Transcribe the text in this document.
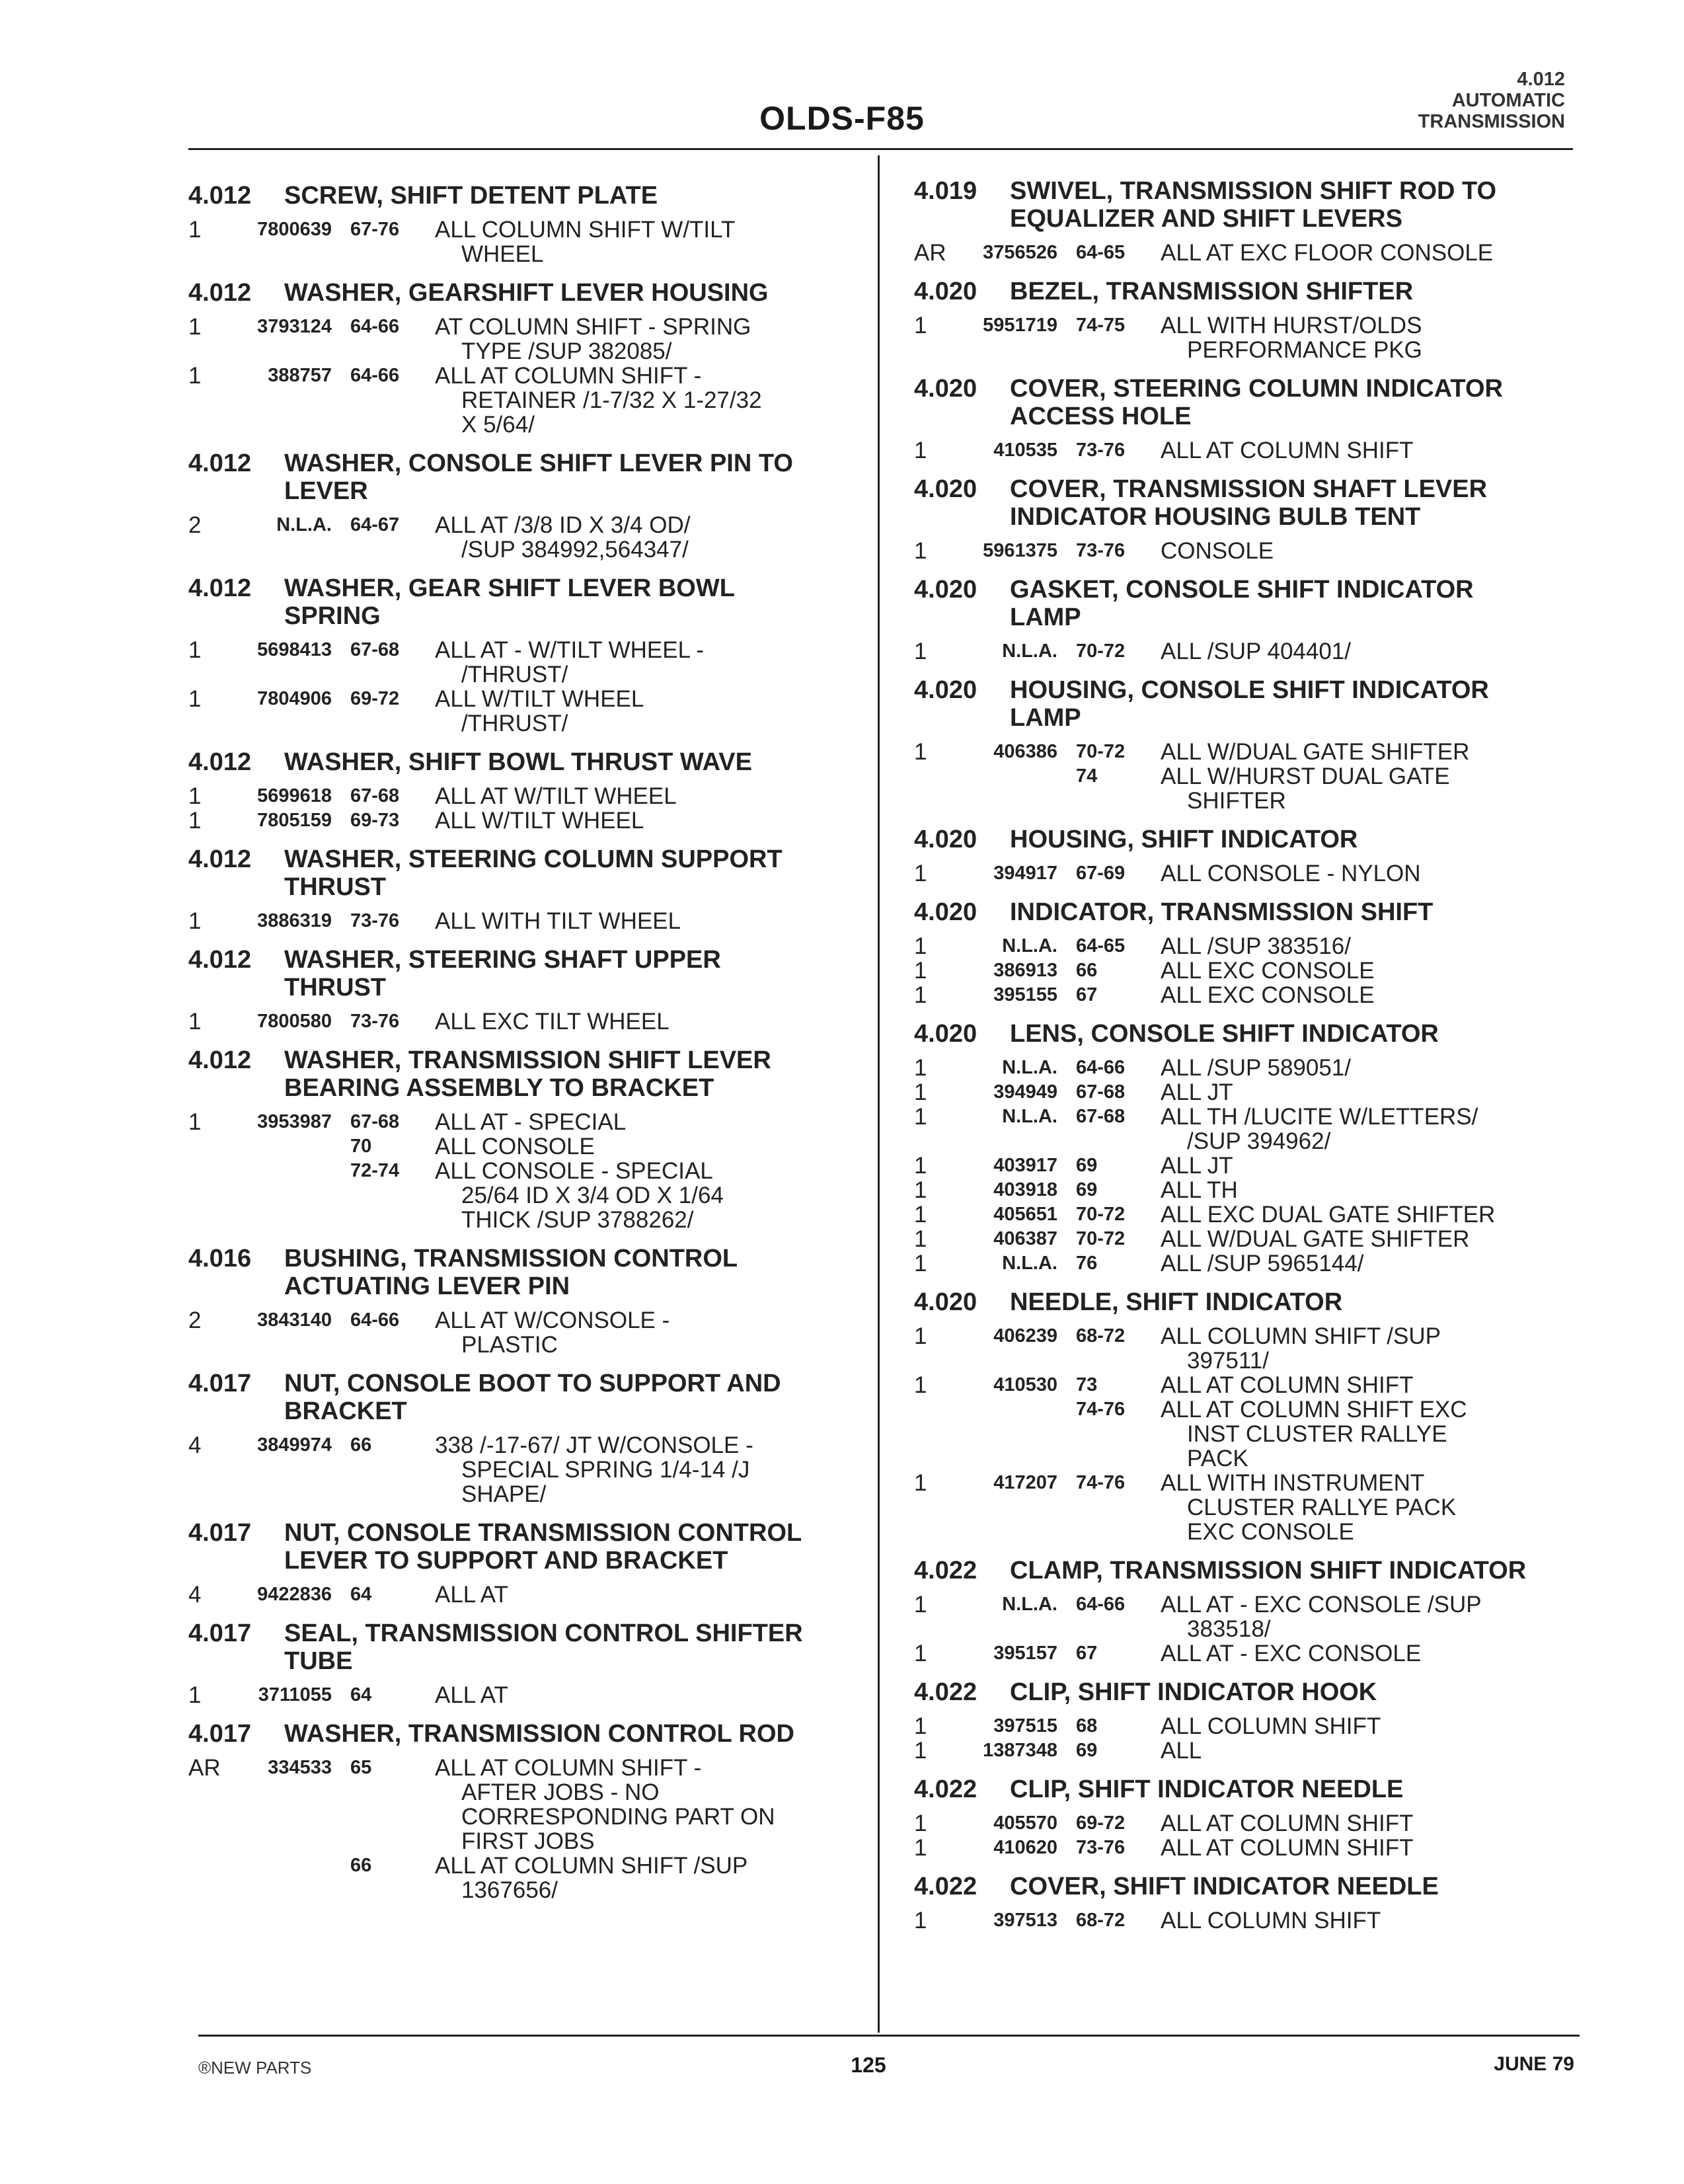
4.012
AUTOMATIC
TRANSMISSION
OLDS-F85
4.012	SCREW, SHIFT DETENT PLATE
1	7800639 67-76	ALL COLUMN SHIFT W/TILT
WHEEL
4.012	WASHER, GEARSHIFT LEVER HOUSING
1	3793124 64-66	AT COLUMN SHIFT - SPRING
TYPE /SUP 382085/
1	388757 64-66	ALL AT COLUMN SHIFT -
RETAINER /1-7/32 X 1-27/32
X 5/64/
4.012	WASHER, CONSOLE SHIFT LEVER PIN TO LEVER
2	N.L.A. 64-67	ALL AT /3/8 ID X 3/4 OD/
/SUP 384992,564347/
4.012	WASHER, GEAR SHIFT LEVER BOWL SPRING
1	5698413 67-68	ALL AT - W/TILT WHEEL -
/THRUST/
1	7804906 69-72	ALL W/TILT WHEEL
/THRUST/
4.012	WASHER, SHIFT BOWL THRUST WAVE
1	5699618 67-68	ALL AT W/TILT WHEEL
1	7805159 69-73	ALL W/TILT WHEEL
4.012	WASHER, STEERING COLUMN SUPPORT THRUST
1	3886319 73-76	ALL WITH TILT WHEEL
4.012	WASHER, STEERING SHAFT UPPER THRUST
1	7800580 73-76	ALL EXC TILT WHEEL
4.012	WASHER, TRANSMISSION SHIFT LEVER BEARING ASSEMBLY TO BRACKET
1	3953987 67-68	ALL AT - SPECIAL
70	ALL CONSOLE
72-74	ALL CONSOLE - SPECIAL
25/64 ID X 3/4 OD X 1/64
THICK /SUP 3788262/
4.016	BUSHING, TRANSMISSION CONTROL ACTUATING LEVER PIN
2	3843140 64-66	ALL AT W/CONSOLE -
PLASTIC
4.017	NUT, CONSOLE BOOT TO SUPPORT AND BRACKET
4	3849974 66	338 /-17-67/ JT W/CONSOLE -
SPECIAL SPRING 1/4-14 /J
SHAPE/
4.017	NUT, CONSOLE TRANSMISSION CONTROL LEVER TO SUPPORT AND BRACKET
4	9422836 64	ALL AT
4.017	SEAL, TRANSMISSION CONTROL SHIFTER TUBE
1	3711055 64	ALL AT
4.017	WASHER, TRANSMISSION CONTROL ROD
AR	334533 65	ALL AT COLUMN SHIFT -
AFTER JOBS - NO
CORRESPONDING PART ON
FIRST JOBS
66	ALL AT COLUMN SHIFT /SUP
1367656/
4.019	SWIVEL, TRANSMISSION SHIFT ROD TO EQUALIZER AND SHIFT LEVERS
AR	3756526 64-65	ALL AT EXC FLOOR CONSOLE
4.020	BEZEL, TRANSMISSION SHIFTER
1	5951719 74-75	ALL WITH HURST/OLDS
PERFORMANCE PKG
4.020	COVER, STEERING COLUMN INDICATOR ACCESS HOLE
1	410535 73-76	ALL AT COLUMN SHIFT
4.020	COVER, TRANSMISSION SHAFT LEVER INDICATOR HOUSING BULB TENT
1	5961375 73-76	CONSOLE
4.020	GASKET, CONSOLE SHIFT INDICATOR LAMP
1	N.L.A. 70-72	ALL /SUP 404401/
4.020	HOUSING, CONSOLE SHIFT INDICATOR LAMP
1	406386 70-72	ALL W/DUAL GATE SHIFTER
74	ALL W/HURST DUAL GATE
SHIFTER
4.020	HOUSING, SHIFT INDICATOR
1	394917 67-69	ALL CONSOLE - NYLON
4.020	INDICATOR, TRANSMISSION SHIFT
1	N.L.A. 64-65	ALL /SUP 383516/
1	386913 66	ALL EXC CONSOLE
1	395155 67	ALL EXC CONSOLE
4.020	LENS, CONSOLE SHIFT INDICATOR
1	N.L.A. 64-66	ALL /SUP 589051/
1	394949 67-68	ALL JT
1	N.L.A. 67-68	ALL TH /LUCITE W/LETTERS/
/SUP 394962/
1	403917 69	ALL JT
1	403918 69	ALL TH
1	405651 70-72	ALL EXC DUAL GATE SHIFTER
1	406387 70-72	ALL W/DUAL GATE SHIFTER
1	N.L.A. 76	ALL /SUP 5965144/
4.020	NEEDLE, SHIFT INDICATOR
1	406239 68-72	ALL COLUMN SHIFT /SUP
397511/
1	410530 73	ALL AT COLUMN SHIFT
74-76	ALL AT COLUMN SHIFT EXC
INST CLUSTER RALLYE
PACK
1	417207 74-76	ALL WITH INSTRUMENT
CLUSTER RALLYE PACK
EXC CONSOLE
4.022	CLAMP, TRANSMISSION SHIFT INDICATOR
1	N.L.A. 64-66	ALL AT - EXC CONSOLE /SUP
383518/
1	395157 67	ALL AT - EXC CONSOLE
4.022	CLIP, SHIFT INDICATOR HOOK
1	397515 68	ALL COLUMN SHIFT
1	1387348 69	ALL
4.022	CLIP, SHIFT INDICATOR NEEDLE
1	405570 69-72	ALL AT COLUMN SHIFT
1	410620 73-76	ALL AT COLUMN SHIFT
4.022	COVER, SHIFT INDICATOR NEEDLE
1	397513 68-72	ALL COLUMN SHIFT
®NEW PARTS	125	JUNE 79
